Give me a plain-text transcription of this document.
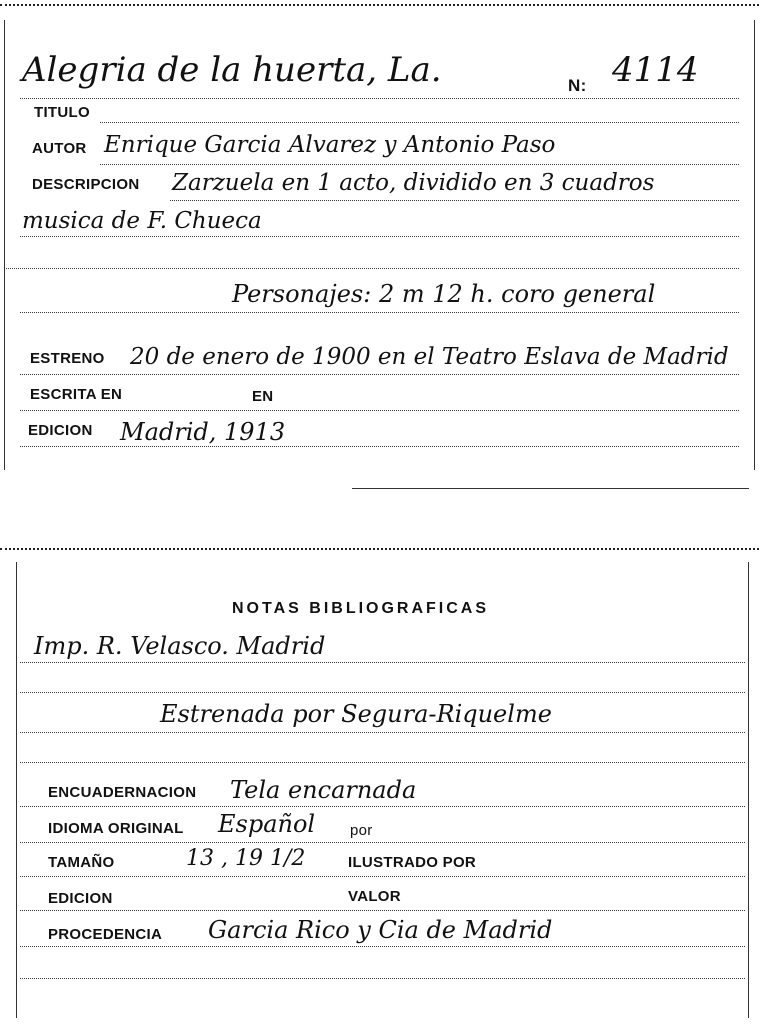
Alegria de la huerta, La.	N: 4114
TITULO
AUTOR Enrique Garcia Alvarez y Antonio Paso
DESCRIPCION Zarzuela en 1 acto, dividido en 3 cuadros
musica de F. Chueca
Personajes: 2 m 12 h. coro general
ESTRENO 20 de enero de 1900 en el Teatro Eslava de Madrid
ESCRITA EN	EN
EDICION Madrid, 1913
NOTAS BIBLIOGRAFICAS
Imp. R. Velasco. Madrid
Estrenada por Segura-Riquelme
ENCUADERNACION Tela encarnada
IDIOMA ORIGINAL Español por
TAMAÑO	13 , 19 1/2	ILUSTRADO POR
EDICION	VALOR
PROCEDENCIA Garcia Rico y Cia de Madrid
